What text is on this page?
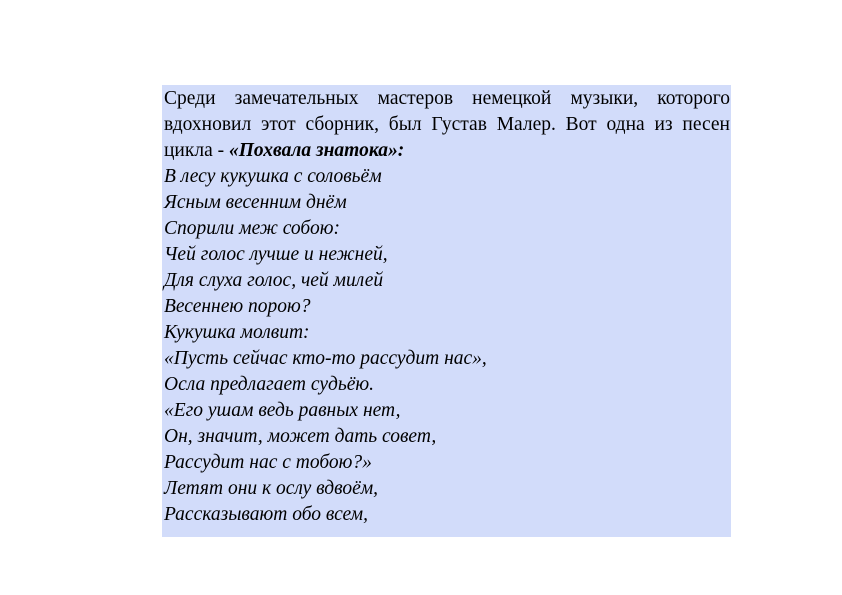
Среди замечательных мастеров немецкой музыки, которого вдохновил этот сборник, был Густав Малер. Вот одна из песен цикла - «Похвала знатока»:

В лесу кукушка с соловьём
Ясным весенним днём
Спорили меж собою:
Чей голос лучше и нежней,
Для слуха голос, чей милей
Весеннею порою?
Кукушка молвит:
«Пусть сейчас кто-то рассудит нас»,
Осла предлагает судьёю.
«Его ушам ведь равных нет,
Он, значит, может дать совет,
Рассудит нас с тобою?»
Летят они к ослу вдвоём,
Рассказывают обо всем,
